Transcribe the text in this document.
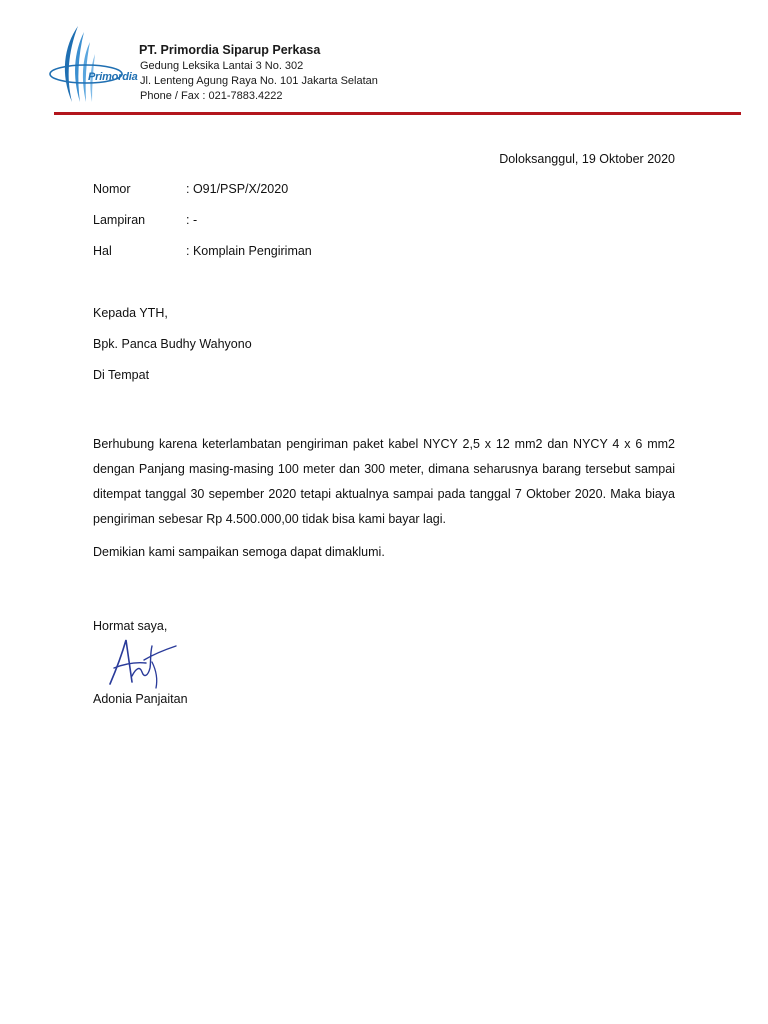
Primordia
PT. Primordia Siparup Perkasa
Gedung Leksika Lantai 3 No. 302
Jl. Lenteng Agung Raya No. 101 Jakarta Selatan
Phone / Fax : 021-7883.4222
Doloksanggul, 19 Oktober 2020
Nomor	: O91/PSP/X/2020
Lampiran	: -
Hal	: Komplain Pengiriman
Kepada YTH,
Bpk. Panca Budhy Wahyono
Di Tempat
Berhubung karena keterlambatan pengiriman paket kabel NYCY 2,5 x 12 mm2 dan NYCY 4 x 6 mm2 dengan Panjang masing-masing 100 meter dan 300 meter, dimana seharusnya barang tersebut sampai ditempat tanggal 30 sepember 2020 tetapi aktualnya sampai pada tanggal 7 Oktober 2020. Maka biaya pengiriman sebesar Rp 4.500.000,00 tidak bisa kami bayar lagi.
Demikian kami sampaikan semoga dapat dimaklumi.
Hormat saya,
Adonia Panjaitan
